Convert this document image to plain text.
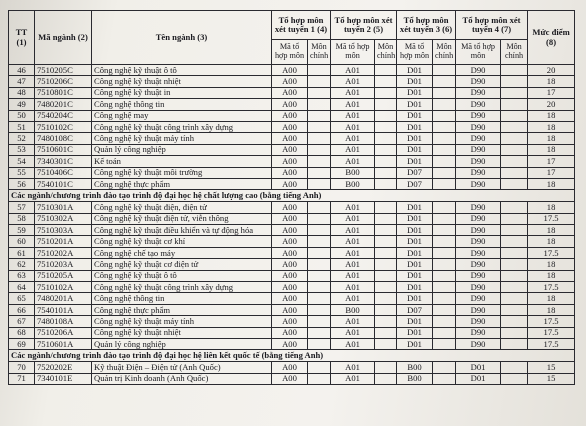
TT (1)	Mã ngành (2)	Tên ngành (3)	Tổ hợp môn xét tuyển 1 (4)		Tổ hợp môn xét tuyển 2 (5)		Tổ hợp môn xét tuyển 3 (6)		Tổ hợp môn xét tuyển 4 (7)		Mức điểm (8)
			Mã tổ hợp môn	Môn chính	Mã tổ hợp môn	Môn chính	Mã tổ hợp môn	Môn chính	Mã tổ hợp môn	Môn chính	
46	7510205C	Công nghệ kỹ thuật ô tô	A00		A01		D01		D90		20
47	7510206C	Công nghệ kỹ thuật nhiệt	A00		A01		D01		D90		18
48	7510801C	Công nghệ kỹ thuật in	A00		A01		D01		D90		17
49	7480201C	Công nghệ thông tin	A00		A01		D01		D90		20
50	7540204C	Công nghệ may	A00		A01		D01		D90		18
51	7510102C	Công nghệ kỹ thuật công trình xây dựng	A00		A01		D01		D90		18
52	7480108C	Công nghệ kỹ thuật máy tính	A00		A01		D01		D90		18
53	7510601C	Quản lý công nghiệp	A00		A01		D01		D90		18
54	7340301C	Kế toán	A00		A01		D01		D90		17
55	7510406C	Công nghệ kỹ thuật môi trường	A00		B00		D07		D90		17
56	7540101C	Công nghệ thực phẩm	A00		B00		D07		D90		18
Các ngành/chương trình đào tạo trình độ đại học hệ chất lượng cao (bằng tiếng Anh)											
57	7510301A	Công nghệ kỹ thuật điện, điện tử	A00		A01		D01		D90		18
58	7510302A	Công nghệ kỹ thuật điện tử, viễn thông	A00		A01		D01		D90		17.5
59	7510303A	Công nghệ kỹ thuật điều khiển và tự động hóa	A00		A01		D01		D90		18
60	7510201A	Công nghệ kỹ thuật cơ khí	A00		A01		D01		D90		18
61	7510202A	Công nghệ chế tạo máy	A00		A01		D01		D90		17.5
62	7510203A	Công nghệ kỹ thuật cơ điện tử	A00		A01		D01		D90		18
63	7510205A	Công nghệ kỹ thuật ô tô	A00		A01		D01		D90		18
64	7510102A	Công nghệ kỹ thuật công trình xây dựng	A00		A01		D01		D90		17.5
65	7480201A	Công nghệ thông tin	A00		A01		D01		D90		18
66	7540101A	Công nghệ thực phẩm	A00		B00		D07		D90		18
67	7480108A	Công nghệ kỹ thuật máy tính	A00		A01		D01		D90		17.5
68	7510206A	Công nghệ kỹ thuật nhiệt	A00		A01		D01		D90		17.5
69	7510601A	Quản lý công nghiệp	A00		A01		D01		D90		17.5
Các ngành/chương trình đào tạo trình độ đại học hệ liên kết quốc tế (bằng tiếng Anh)											
70	7520202E	Kỹ thuật Điện – Điện tử (Anh Quốc)	A00		A01		B00		D01		15
71	7340101E	Quản trị Kinh doanh (Anh Quốc)	A00		A01		B00		D01		15
